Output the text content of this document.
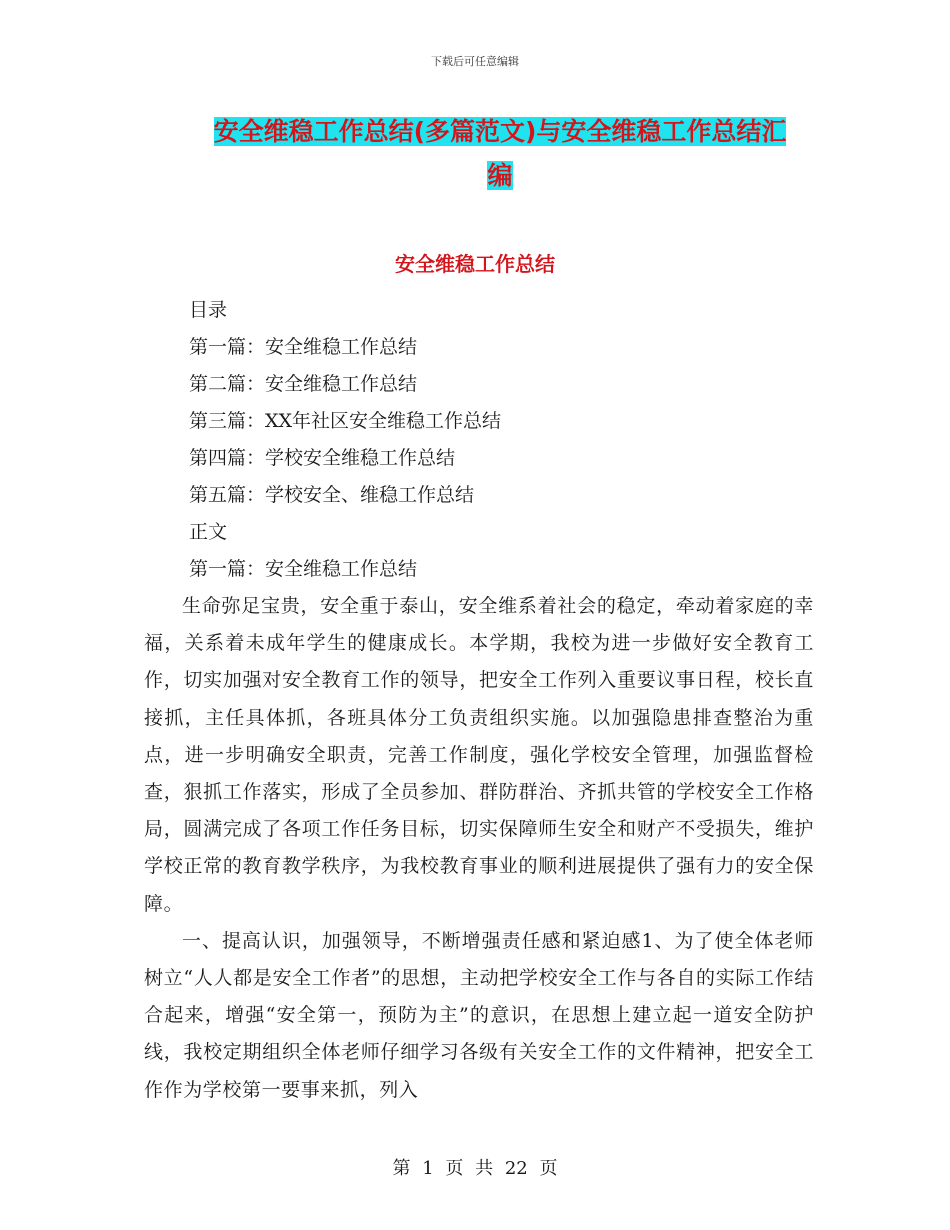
下载后可任意编辑
安全维稳工作总结(多篇范文)与安全维稳工作总结汇
编
安全维稳工作总结
目录
第一篇：安全维稳工作总结
第二篇：安全维稳工作总结
第三篇：XX年社区安全维稳工作总结
第四篇：学校安全维稳工作总结
第五篇：学校安全、维稳工作总结
正文
第一篇：安全维稳工作总结

生命弥足宝贵，安全重于泰山，安全维系着社会的稳定，牵动着家庭的幸福，关系着未成年学生的健康成长。本学期，我校为进一步做好安全教育工作，切实加强对安全教育工作的领导，把安全工作列入重要议事日程，校长直接抓，主任具体抓，各班具体分工负责组织实施。以加强隐患排查整治为重点，进一步明确安全职责，完善工作制度，强化学校安全管理，加强监督检查，狠抓工作落实，形成了全员参加、群防群治、齐抓共管的学校安全工作格局，圆满完成了各项工作任务目标，切实保障师生安全和财产不受损失，维护学校正常的教育教学秩序，为我校教育事业的顺利进展提供了强有力的安全保障。

一、提高认识，加强领导，不断增强责任感和紧迫感1、为了使全体老师树立“人人都是安全工作者”的思想，主动把学校安全工作与各自的实际工作结合起来，增强“安全第一，预防为主”的意识，在思想上建立起一道安全防护线，我校定期组织全体老师仔细学习各级有关安全工作的文件精神，把安全工作作为学校第一要事来抓，列入

第 1 页 共 22 页
